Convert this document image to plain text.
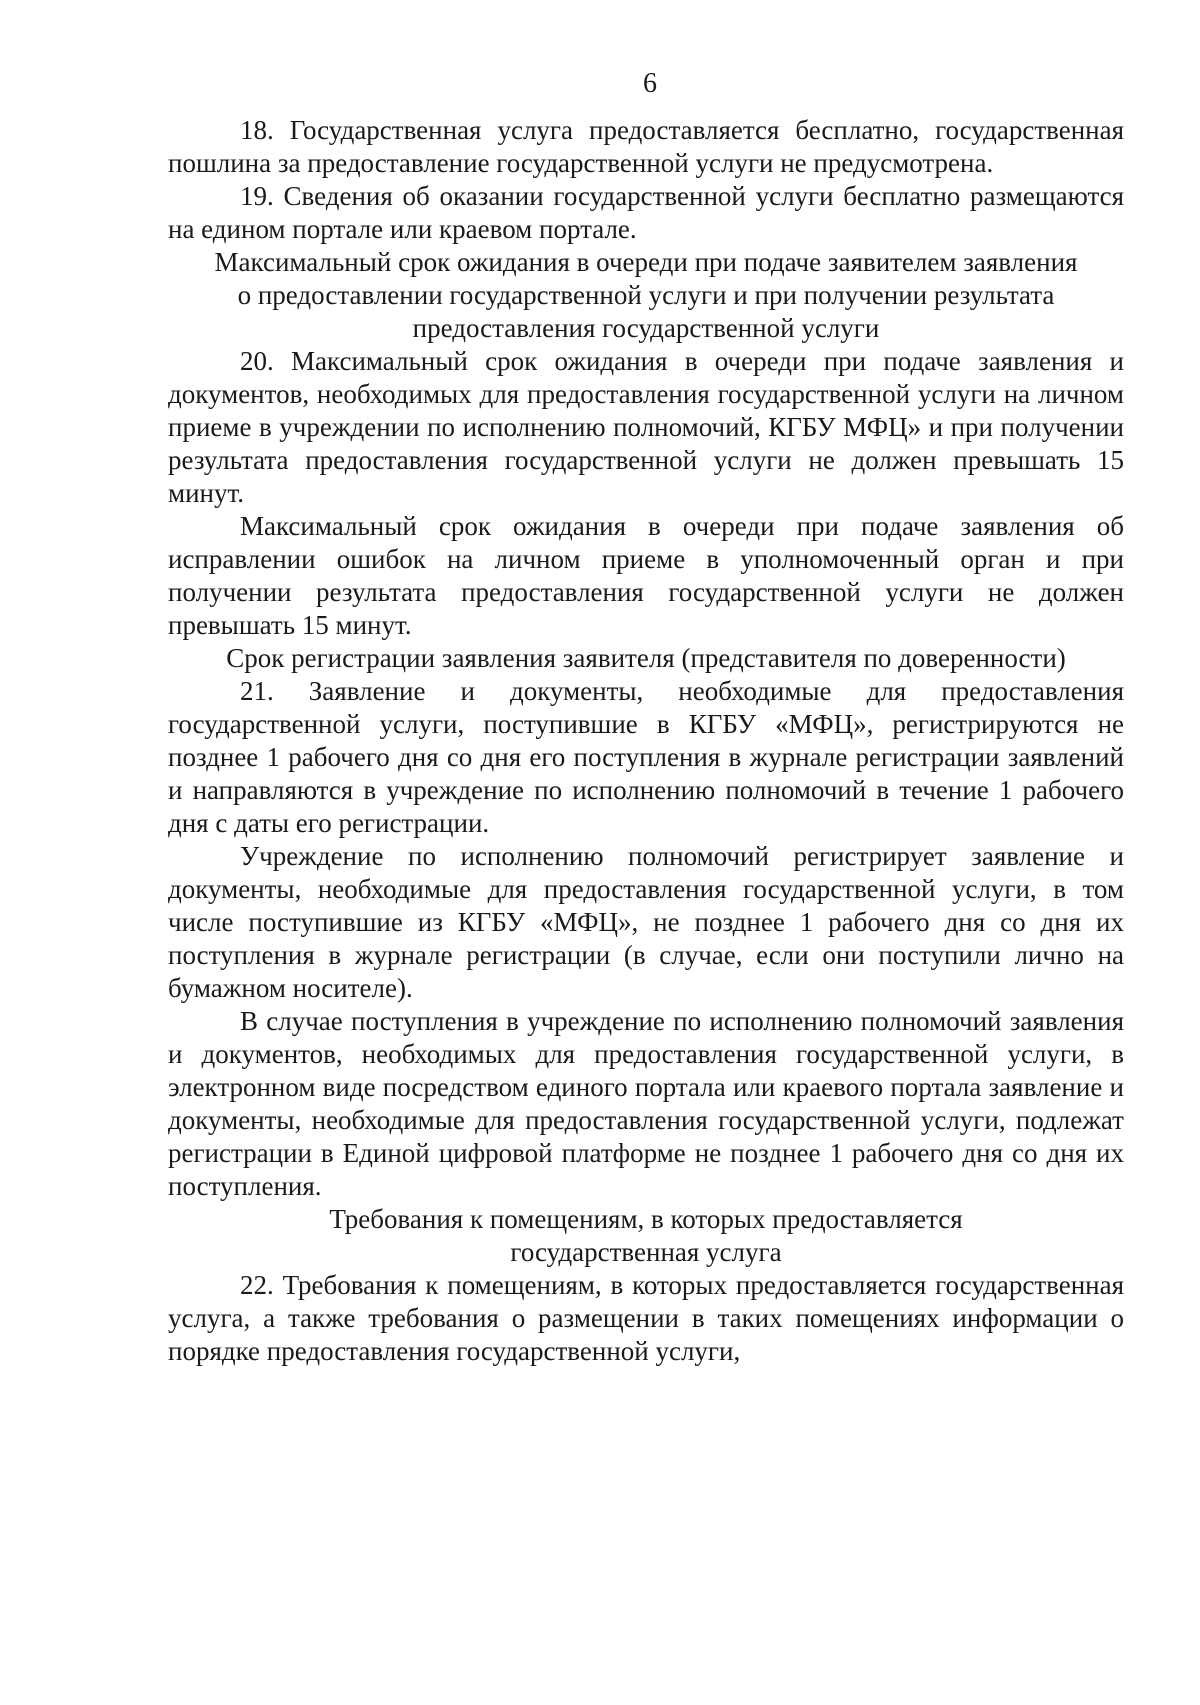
6

18. Государственная услуга предоставляется бесплатно, государственная пошлина за предоставление государственной услуги не предусмотрена.

19. Сведения об оказании государственной услуги бесплатно размещаются на едином портале или краевом портале.

Максимальный срок ожидания в очереди при подаче заявителем заявления
о предоставлении государственной услуги и при получении результата
предоставления государственной услуги

20. Максимальный срок ожидания в очереди при подаче заявления и документов, необходимых для предоставления государственной услуги на личном приеме в учреждении по исполнению полномочий, КГБУ МФЦ» и при получении результата предоставления государственной услуги не должен превышать 15 минут.

Максимальный срок ожидания в очереди при подаче заявления об исправлении ошибок на личном приеме в уполномоченный орган и при получении результата предоставления государственной услуги не должен превышать 15 минут.

Срок регистрации заявления заявителя (представителя по доверенности)

21. Заявление и документы, необходимые для предоставления государственной услуги, поступившие в КГБУ «МФЦ», регистрируются не позднее 1 рабочего дня со дня его поступления в журнале регистрации заявлений и направляются в учреждение по исполнению полномочий в течение 1 рабочего дня с даты его регистрации.

Учреждение по исполнению полномочий регистрирует заявление и документы, необходимые для предоставления государственной услуги, в том числе поступившие из КГБУ «МФЦ», не позднее 1 рабочего дня со дня их поступления в журнале регистрации (в случае, если они поступили лично на бумажном носителе).

В случае поступления в учреждение по исполнению полномочий заявления и документов, необходимых для предоставления государственной услуги, в электронном виде посредством единого портала или краевого портала заявление и документы, необходимые для предоставления государственной услуги, подлежат регистрации в Единой цифровой платформе не позднее 1 рабочего дня со дня их поступления.

Требования к помещениям, в которых предоставляется
государственная услуга

22. Требования к помещениям, в которых предоставляется государственная услуга, а также требования о размещении в таких помещениях информации о порядке предоставления государственной услуги,
